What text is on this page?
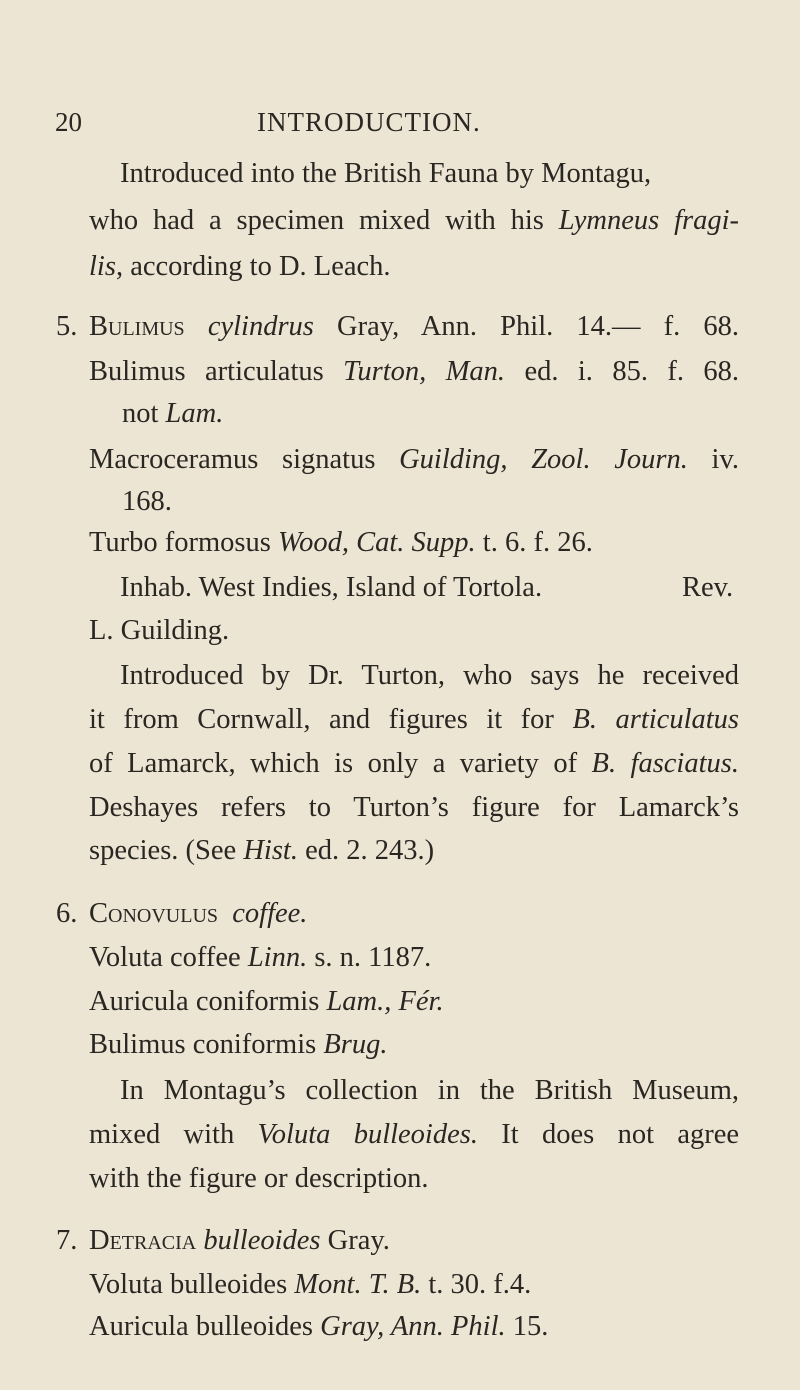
20	INTRODUCTION.
Introduced into the British Fauna by Montagu,
who had a specimen mixed with his Lymneus fragi-
lis, according to D. Leach.
5. Bulimus cylindrus Gray, Ann. Phil. 14.— f. 68.
Bulimus articulatus Turton, Man. ed. i. 85. f. 68.
not Lam.
Macroceramus signatus Guilding, Zool. Journ. iv.
168.
Turbo formosus Wood, Cat. Supp. t. 6. f. 26.
Inhab. West Indies, Island of Tortola.	Rev.
L. Guilding.
Introduced by Dr. Turton, who says he received
it from Cornwall, and figures it for B. articulatus
of Lamarck, which is only a variety of B. fasciatus.
Deshayes refers to Turton’s figure for Lamarck’s
species. (See Hist. ed. 2. 243.)
6. Conovulus coffee.
Voluta coffee Linn. s. n. 1187.
Auricula coniformis Lam., Fér.
Bulimus coniformis Brug.
In Montagu’s collection in the British Museum,
mixed with Voluta bulleoides. It does not agree
with the figure or description.
7. Detracia bulleoides Gray.
Voluta bulleoides Mont. T. B. t. 30. f.4.
Auricula bulleoides Gray, Ann. Phil. 15.
